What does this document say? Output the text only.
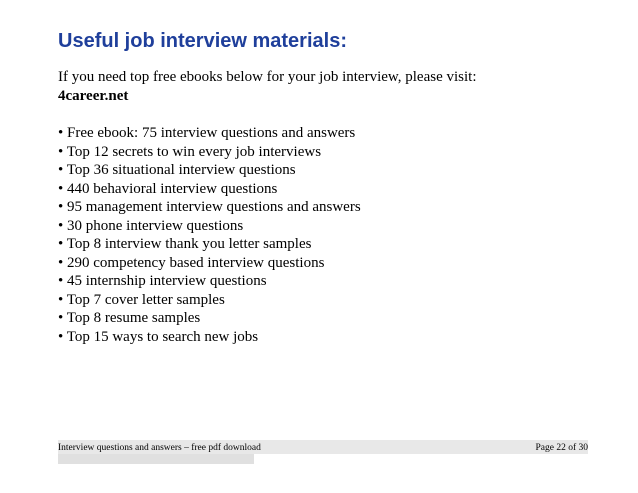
Useful job interview materials:
If you need top free ebooks below for your job interview, please visit:
4career.net
• Free ebook: 75 interview questions and answers
• Top 12 secrets to win every job interviews
• Top 36 situational interview questions
• 440 behavioral interview questions
• 95 management interview questions and answers
• 30 phone interview questions
• Top 8 interview thank you letter samples
• 290 competency based interview questions
• 45 internship interview questions
• Top 7 cover letter samples
• Top 8 resume samples
• Top 15 ways to search new jobs
Interview questions and answers – free pdf download	Page 22 of 30
